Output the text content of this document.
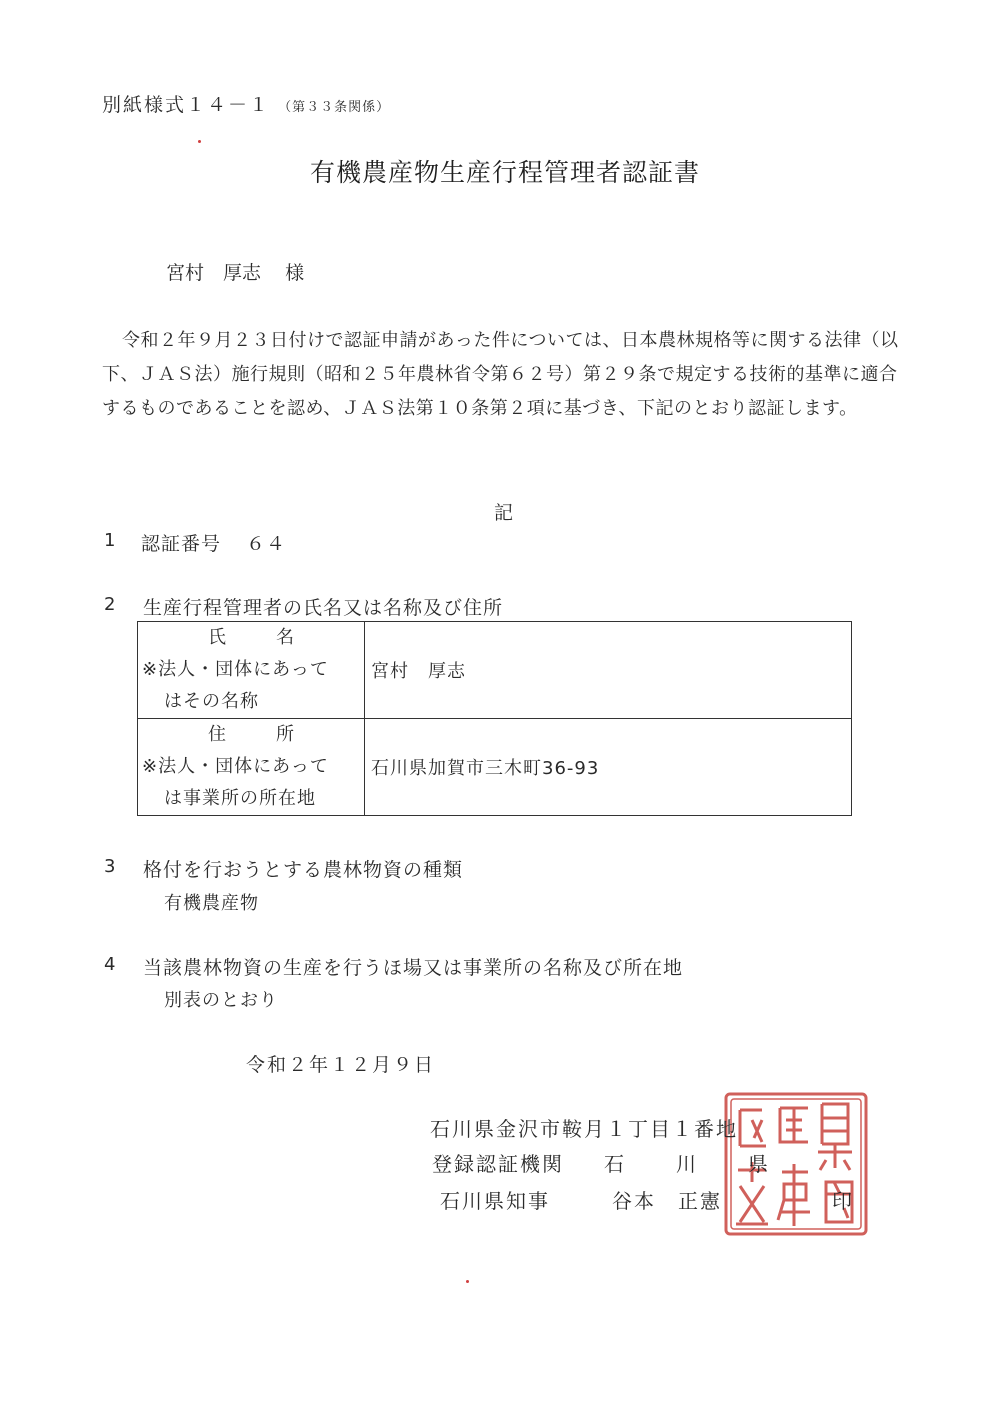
別紙様式１４－１ （第３３条関係）
有機農産物生産行程管理者認証書
宮村　厚志 様

令和２年９月２３日付けで認証申請があった件については、日本農林規格等に関する法律（以下、ＪＡＳ法）施行規則（昭和２５年農林省令第６２号）第２９条で規定する技術的基準に適合するものであることを認め、ＪＡＳ法第１０条第２項に基づき、下記のとおり認証します。

記
1 認証番号 ６４
2 生産行程管理者の氏名又は名称及び住所
氏名
※法人・団体にあって
はその名称	宮村　厚志

住所
※法人・団体にあって
は事業所の所在地	石川県加賀市三木町36-93
3 格付を行おうとする農林物資の種類
有機農産物
4 当該農林物資の生産を行うほ場又は事業所の名称及び所在地
別表のとおり
令和２年１２月９日
石川県金沢市鞍月１丁目１番地
登録認証機関 石　　川　　県
石川県知事	谷本　正憲	印
